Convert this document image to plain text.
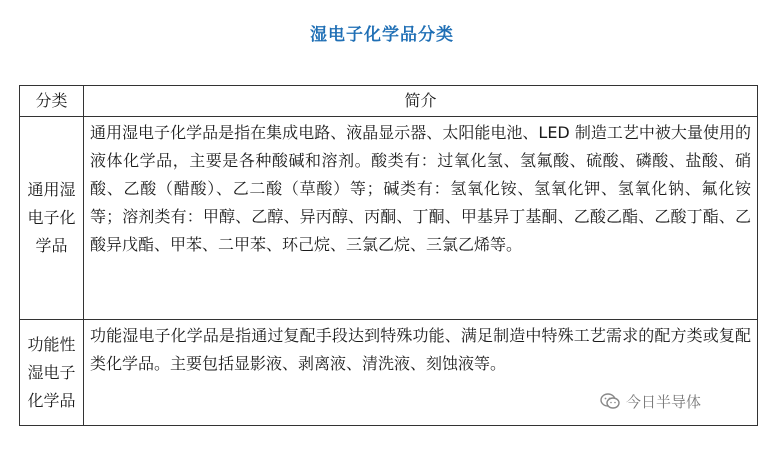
湿电子化学品分类
分类	简介
通用湿电子化学品	通用湿电子化学品是指在集成电路、液晶显示器、太阳能电池、LED 制造工艺中被大量使用的液体化学品，主要是各种酸碱和溶剂。酸类有：过氧化氢、氢氟酸、硫酸、磷酸、盐酸、硝酸、乙酸（醋酸）、乙二酸（草酸）等；碱类有：氢氧化铵、氢氧化钾、氢氧化钠、氟化铵等；溶剂类有：甲醇、乙醇、异丙醇、丙酮、丁酮、甲基异丁基酮、乙酸乙酯、乙酸丁酯、乙酸异戊酯、甲苯、二甲苯、环己烷、三氯乙烷、三氯乙烯等。
功能性湿电子化学品	功能湿电子化学品是指通过复配手段达到特殊功能、满足制造中特殊工艺需求的配方类或复配类化学品。主要包括显影液、剥离液、清洗液、刻蚀液等。
今日半导体
